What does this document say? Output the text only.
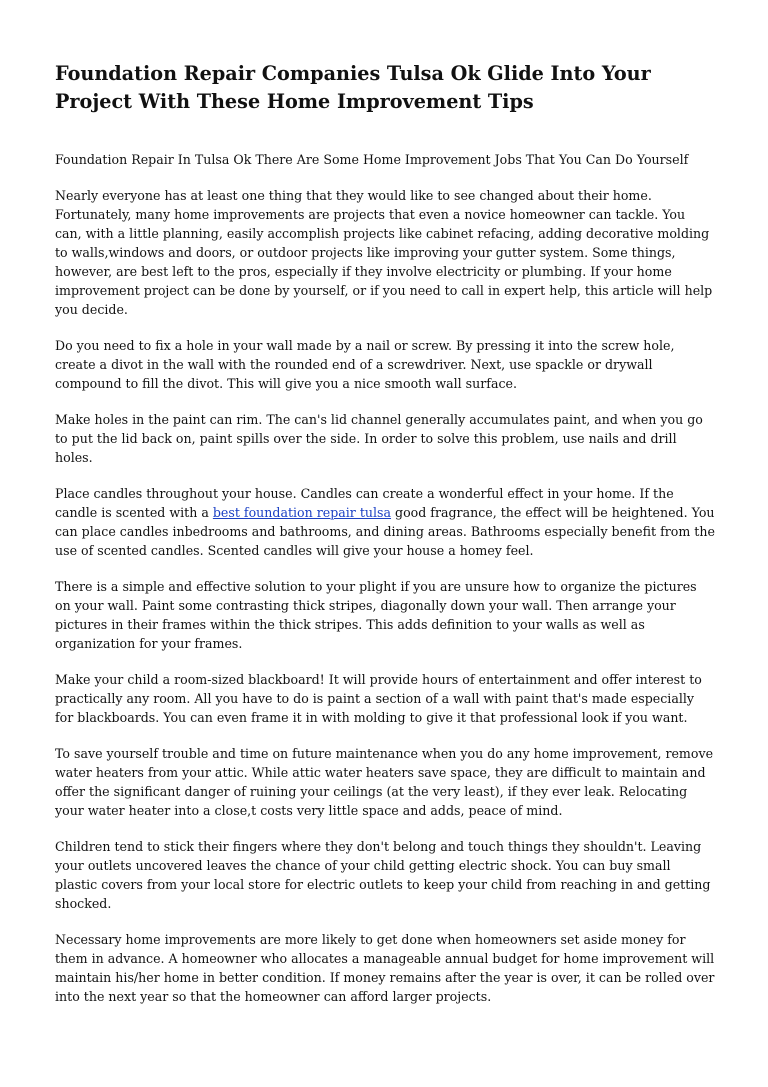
Foundation Repair Companies Tulsa Ok Glide Into Your Project With These Home Improvement Tips
Foundation Repair In Tulsa Ok There Are Some Home Improvement Jobs That You Can Do Yourself

Nearly everyone has at least one thing that they would like to see changed about their home. Fortunately, many home improvements are projects that even a novice homeowner can tackle. You can, with a little planning, easily accomplish projects like cabinet refacing, adding decorative molding to walls,windows and doors, or outdoor projects like improving your gutter system. Some things, however, are best left to the pros, especially if they involve electricity or plumbing. If your home improvement project can be done by yourself, or if you need to call in expert help, this article will help you decide.

Do you need to fix a hole in your wall made by a nail or screw. By pressing it into the screw hole, create a divot in the wall with the rounded end of a screwdriver. Next, use spackle or drywall compound to fill the divot. This will give you a nice smooth wall surface.

Make holes in the paint can rim. The can's lid channel generally accumulates paint, and when you go to put the lid back on, paint spills over the side. In order to solve this problem, use nails and drill holes.

Place candles throughout your house. Candles can create a wonderful effect in your home. If the candle is scented with a best foundation repair tulsa good fragrance, the effect will be heightened. You can place candles inbedrooms and bathrooms, and dining areas. Bathrooms especially benefit from the use of scented candles. Scented candles will give your house a homey feel.

There is a simple and effective solution to your plight if you are unsure how to organize the pictures on your wall. Paint some contrasting thick stripes, diagonally down your wall. Then arrange your pictures in their frames within the thick stripes. This adds definition to your walls as well as organization for your frames.

Make your child a room-sized blackboard! It will provide hours of entertainment and offer interest to practically any room. All you have to do is paint a section of a wall with paint that's made especially for blackboards. You can even frame it in with molding to give it that professional look if you want.

To save yourself trouble and time on future maintenance when you do any home improvement, remove water heaters from your attic. While attic water heaters save space, they are difficult to maintain and offer the significant danger of ruining your ceilings (at the very least), if they ever leak. Relocating your water heater into a close,t costs very little space and adds, peace of mind.

Children tend to stick their fingers where they don't belong and touch things they shouldn't. Leaving your outlets uncovered leaves the chance of your child getting electric shock. You can buy small plastic covers from your local store for electric outlets to keep your child from reaching in and getting shocked.

Necessary home improvements are more likely to get done when homeowners set aside money for them in advance. A homeowner who allocates a manageable annual budget for home improvement will maintain his/her home in better condition. If money remains after the year is over, it can be rolled over into the next year so that the homeowner can afford larger projects.
